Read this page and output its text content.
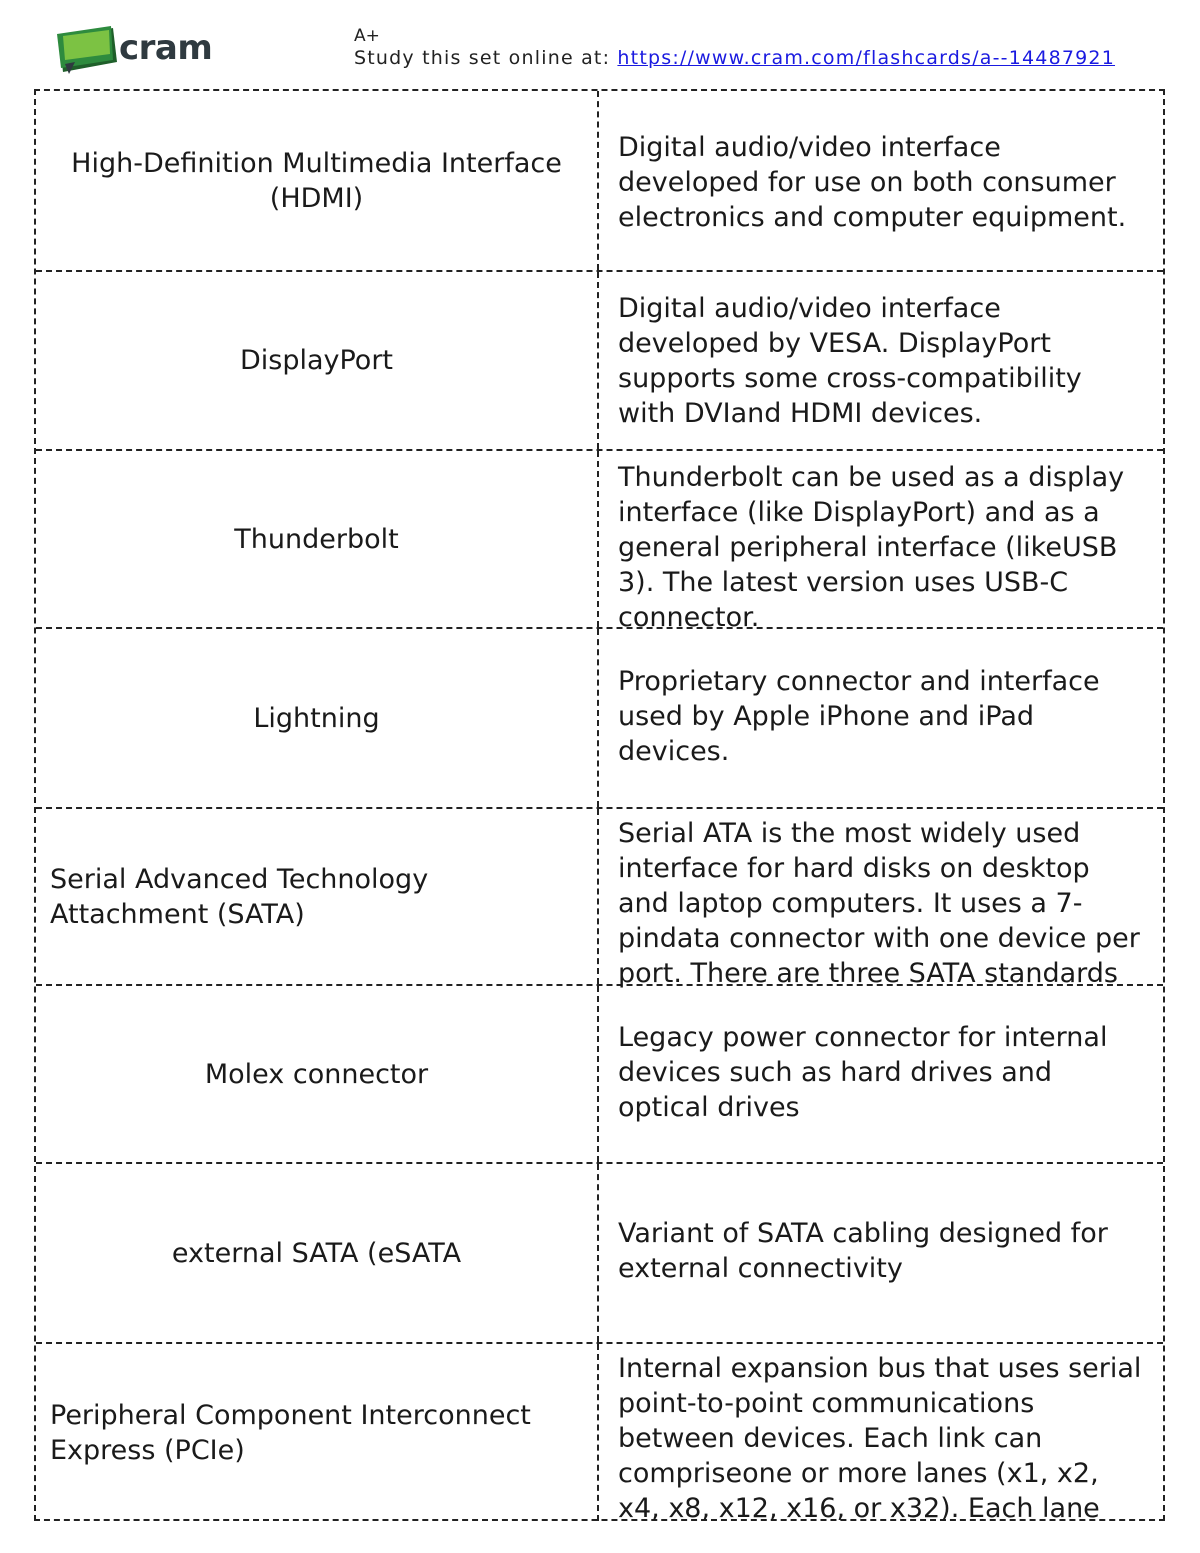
cram	A+
Study this set online at: https://www.cram.com/flashcards/a--14487921
High-Definition Multimedia Interface (HDMI)
Digital audio/video interface developed for use on both consumer electronics and computer equipment.
DisplayPort
Digital audio/video interface developed by VESA. DisplayPort supports some cross-compatibility with DVIand HDMI devices.
Thunderbolt
Thunderbolt can be used as a display interface (like DisplayPort) and as a general peripheral interface (likeUSB 3). The latest version uses USB-C connector.
Lightning
Proprietary connector and interface used by Apple iPhone and iPad devices.
Serial Advanced Technology Attachment (SATA)
Serial ATA is the most widely used interface for hard disks on desktop and laptop computers. It uses a 7-pindata connector with one device per port. There are three SATA standards
Molex connector
Legacy power connector for internal devices such as hard drives and optical drives
external SATA (eSATA
Variant of SATA cabling designed for external connectivity
Peripheral Component Interconnect Express (PCIe)
Internal expansion bus that uses serial point-to-point communications between devices. Each link can compriseone or more lanes (x1, x2, x4, x8, x12, x16, or x32). Each lane
